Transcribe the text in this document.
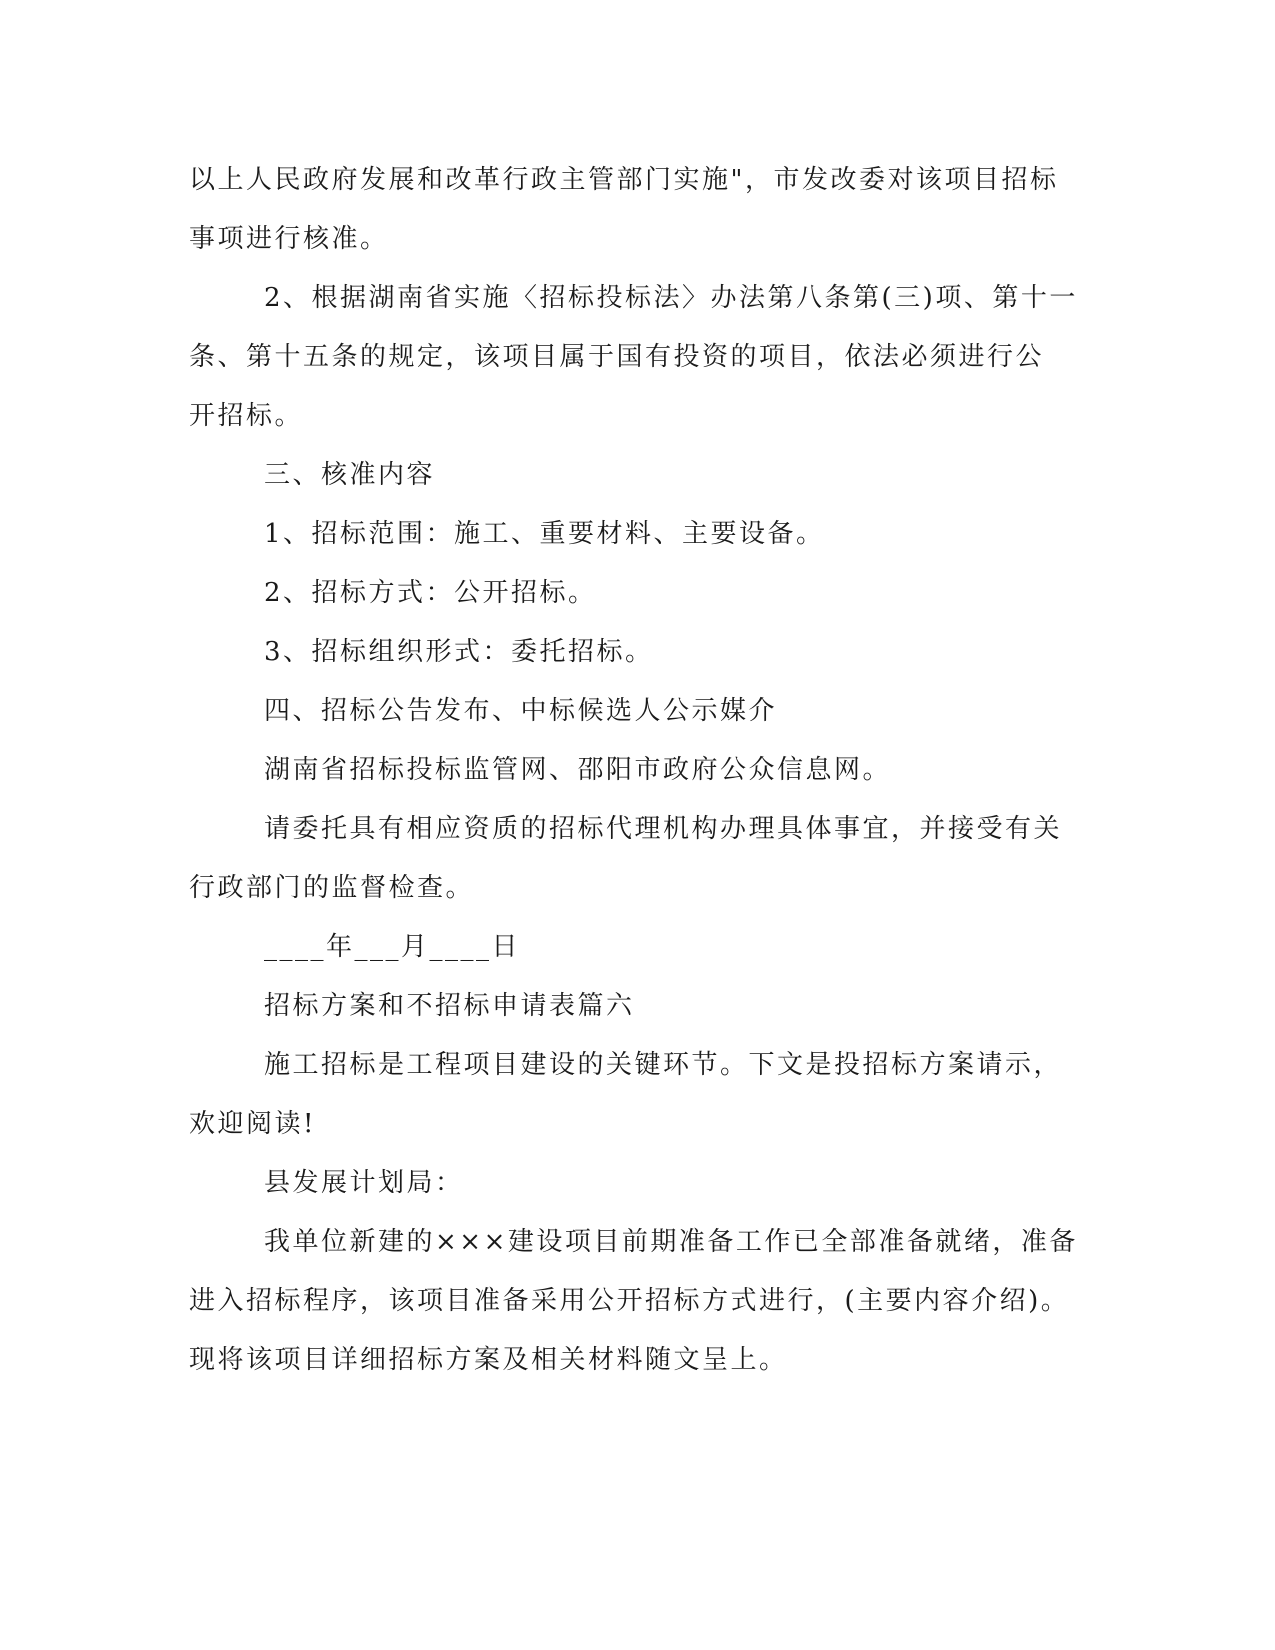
以上人民政府发展和改革行政主管部门实施"，市发改委对该项目招标
事项进行核准。
2、根据湖南省实施〈招标投标法〉办法第八条第(三)项、第十一
条、第十五条的规定，该项目属于国有投资的项目，依法必须进行公
开招标。
三、核准内容
1、招标范围：施工、重要材料、主要设备。
2、招标方式：公开招标。
3、招标组织形式：委托招标。
四、招标公告发布、中标候选人公示媒介
湖南省招标投标监管网、邵阳市政府公众信息网。
请委托具有相应资质的招标代理机构办理具体事宜，并接受有关
行政部门的监督检查。
____年___月____日
招标方案和不招标申请表篇六
施工招标是工程项目建设的关键环节。下文是投招标方案请示，
欢迎阅读!
县发展计划局：
我单位新建的×××建设项目前期准备工作已全部准备就绪，准备
进入招标程序，该项目准备采用公开招标方式进行，(主要内容介绍)。
现将该项目详细招标方案及相关材料随文呈上。
